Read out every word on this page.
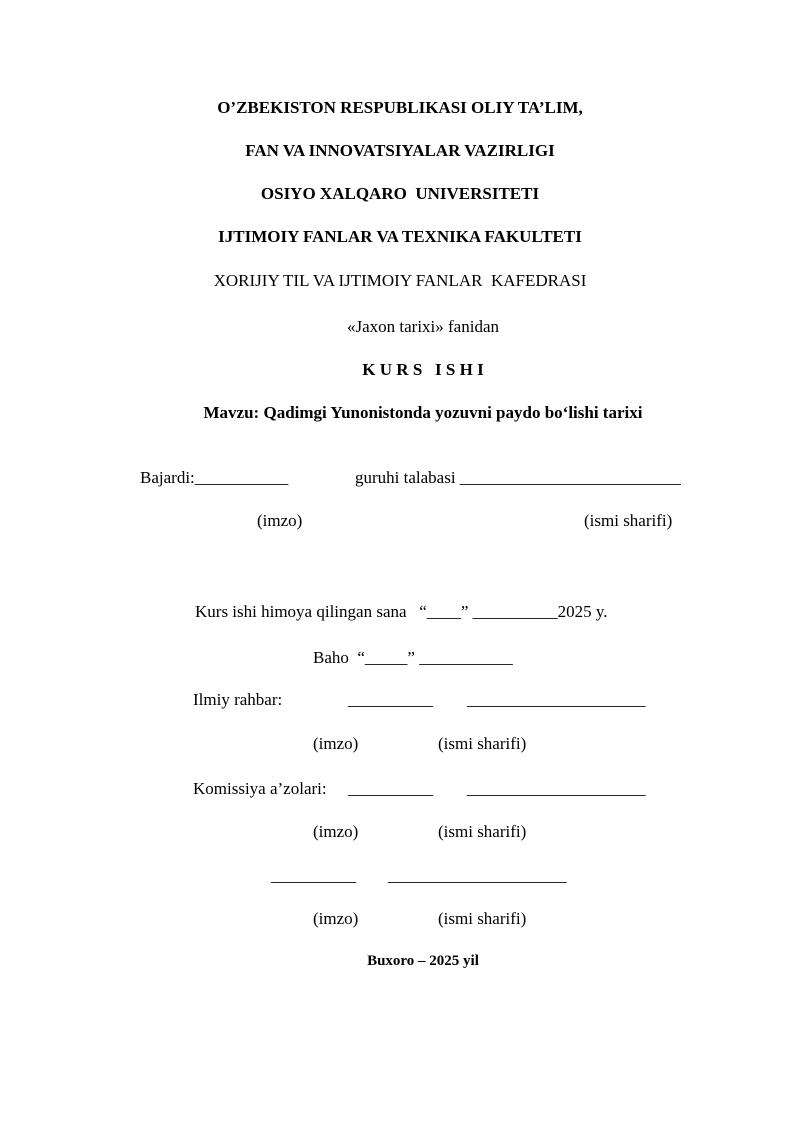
O’ZBEKISTON RESPUBLIKASI OLIY TA’LIM,
FAN VA INNOVATSIYALAR VAZIRLIGI
OSIYO XALQARO  UNIVERSITETI
IJTIMOIY FANLAR VA TEXNIKA FAKULTETI
XORIJIY TIL VA IJTIMOIY FANLAR  KAFEDRASI
«Jaxon tarixi» fanidan
K U R S   I S H I
Mavzu: Qadimgi Yunonistonda yozuvni paydo bo‘lishi tarixi
Bajardi:___________	guruhi talabasi __________________________
(imzo)	(ismi sharifi)
Kurs ishi himoya qilingan sana   “____” __________2025 y.
Baho  “_____” ___________
Ilmiy rahbar:	__________ _____________________
(imzo)	(ismi sharifi)
Komissiya a’zolari: __________ _____________________
(imzo)	(ismi sharifi)
__________ _____________________
(imzo)	(ismi sharifi)
Buxoro – 2025 yil
